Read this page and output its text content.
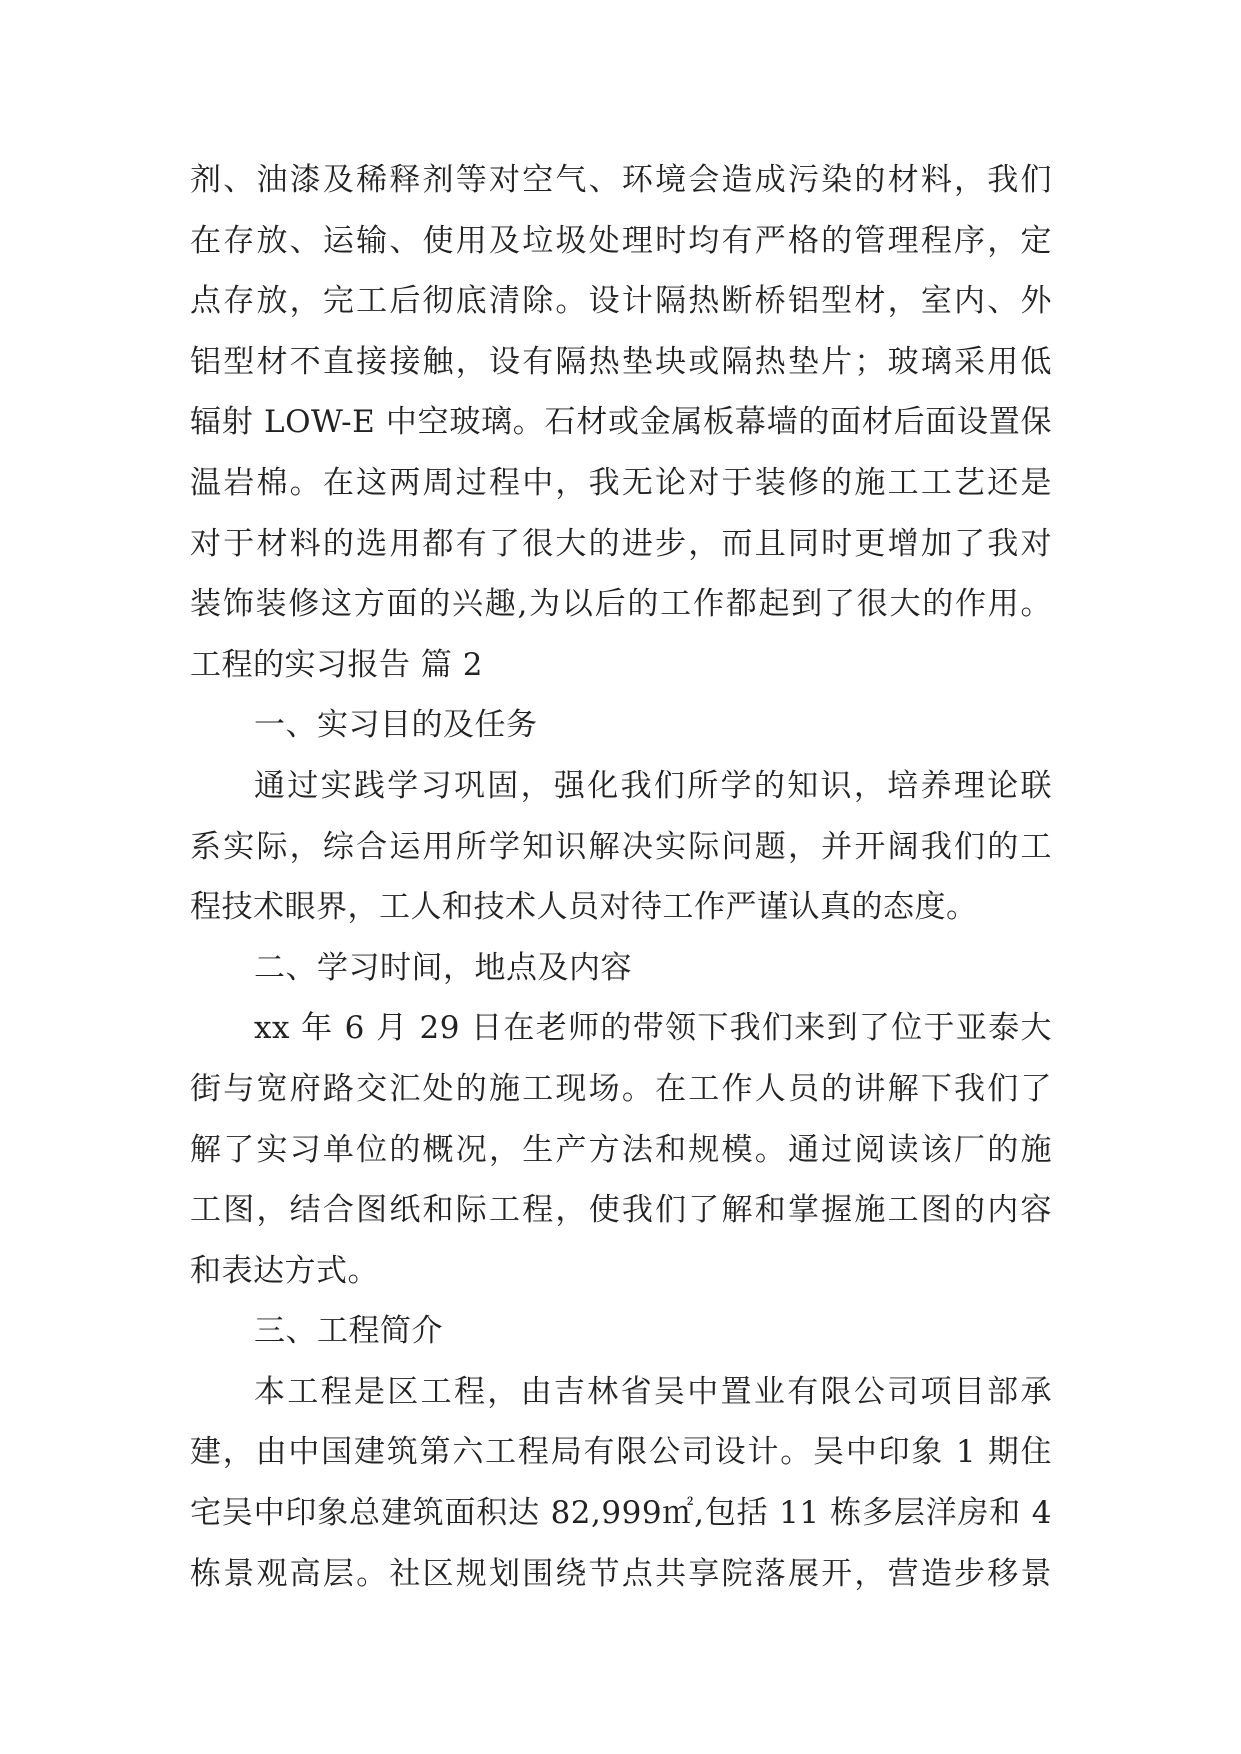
剂、油漆及稀释剂等对空气、环境会造成污染的材料，我们
在存放、运输、使用及垃圾处理时均有严格的管理程序，定
点存放，完工后彻底清除。设计隔热断桥铝型材，室内、外
铝型材不直接接触，设有隔热垫块或隔热垫片；玻璃采用低
辐射 LOW-E 中空玻璃。石材或金属板幕墙的面材后面设置保
温岩棉。在这两周过程中，我无论对于装修的施工工艺还是
对于材料的选用都有了很大的进步，而且同时更增加了我对
装饰装修这方面的兴趣,为以后的工作都起到了很大的作用。
工程的实习报告 篇 2
一、实习目的及任务
通过实践学习巩固，强化我们所学的知识，培养理论联
系实际，综合运用所学知识解决实际问题，并开阔我们的工
程技术眼界，工人和技术人员对待工作严谨认真的态度。
二、学习时间，地点及内容
xx 年 6 月 29 日在老师的带领下我们来到了位于亚泰大
街与宽府路交汇处的施工现场。在工作人员的讲解下我们了
解了实习单位的概况，生产方法和规模。通过阅读该厂的施
工图，结合图纸和际工程，使我们了解和掌握施工图的内容
和表达方式。
三、工程简介
本工程是区工程，由吉林省吴中置业有限公司项目部承
建，由中国建筑第六工程局有限公司设计。吴中印象 1 期住
宅吴中印象总建筑面积达 82,999㎡,包括 11 栋多层洋房和 4
栋景观高层。社区规划围绕节点共享院落展开，营造步移景
